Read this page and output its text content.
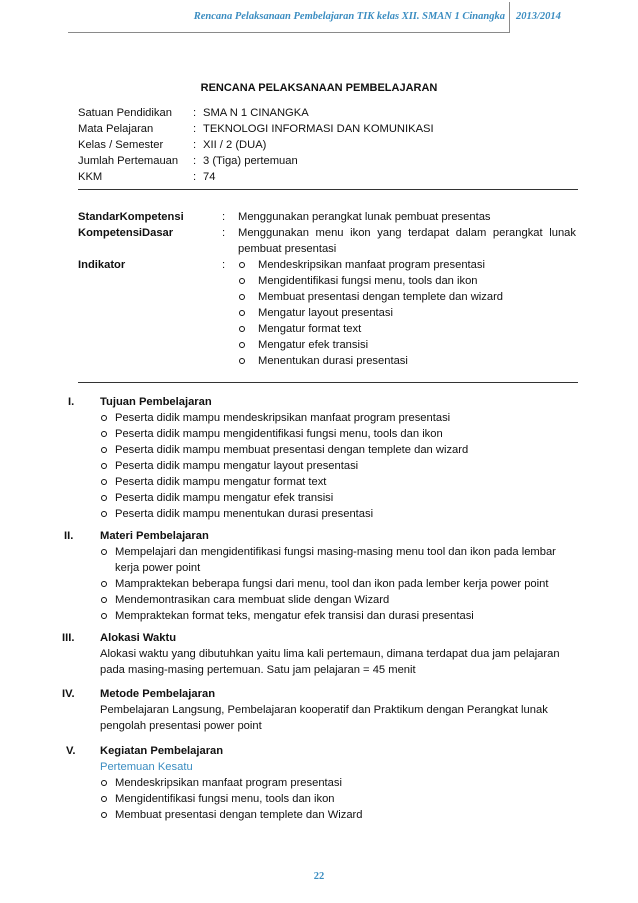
Rencana Pelaksanaan Pembelajaran TIK kelas XII. SMAN 1 Cinangka 2013/2014
RENCANA PELAKSANAAN PEMBELAJARAN
Satuan Pendidikan : SMA N 1 CINANGKA
Mata Pelajaran	: TEKNOLOGI INFORMASI DAN KOMUNIKASI
Kelas / Semester	: XII / 2 (DUA)
Jumlah Pertemauan : 3 (Tiga) pertemuan
KKM	: 74
StandarKompetensi	: Menggunakan perangkat lunak pembuat presentas
KompetensiDasar	: Menggunakan menu ikon yang terdapat dalam perangkat lunak
pembuat presentasi
Indikator	:	Mendeskripsikan manfaat program presentasi
Mengidentifikasi fungsi menu, tools dan ikon
Membuat presentasi dengan templete dan wizard
Mengatur layout presentasi
Mengatur format text
Mengatur efek transisi
Menentukan durasi presentasi
I. Tujuan Pembelajaran
Peserta didik mampu mendeskripsikan manfaat program presentasi
Peserta didik mampu mengidentifikasi fungsi menu, tools dan ikon
Peserta didik mampu membuat presentasi dengan templete dan wizard
Peserta didik mampu mengatur layout presentasi
Peserta didik mampu mengatur format text
Peserta didik mampu mengatur efek transisi
Peserta didik mampu menentukan durasi presentasi
II. Materi Pembelajaran
Mempelajari dan mengidentifikasi fungsi masing-masing menu tool dan ikon pada lembar kerja power point
Mampraktekan beberapa fungsi dari menu, tool dan ikon pada lember kerja power point
Mendemontrasikan cara membuat slide dengan Wizard
Mempraktekan format teks, mengatur efek transisi dan durasi presentasi
III. Alokasi Waktu
Alokasi waktu yang dibutuhkan yaitu lima kali pertemaun, dimana terdapat dua jam pelajaran pada masing-masing pertemuan. Satu jam pelajaran = 45 menit
IV. Metode Pembelajaran
Pembelajaran Langsung, Pembelajaran kooperatif dan Praktikum dengan Perangkat lunak pengolah presentasi power point
V. Kegiatan Pembelajaran
Pertemuan Kesatu
Mendeskripsikan manfaat program presentasi
Mengidentifikasi fungsi menu, tools dan ikon
Membuat presentasi dengan templete dan Wizard
22
